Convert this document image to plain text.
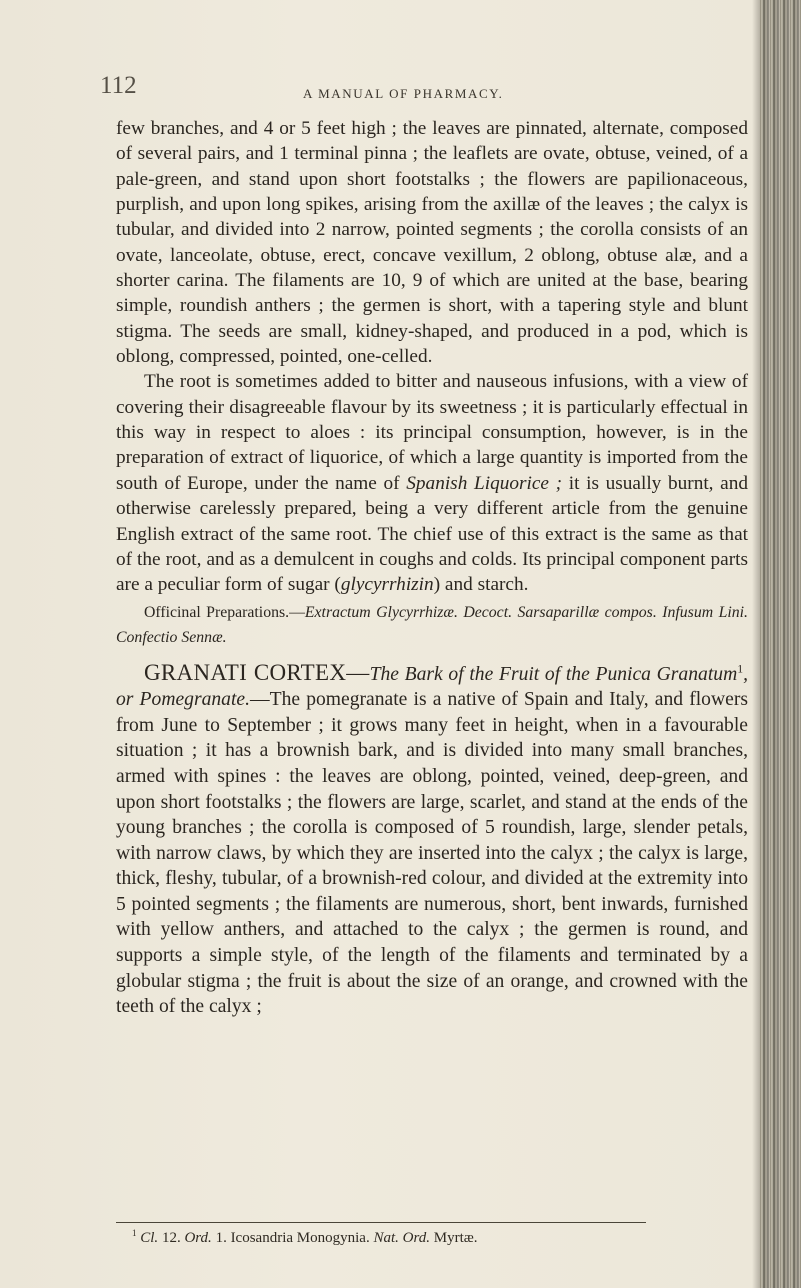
112	A MANUAL OF PHARMACY.

few branches, and 4 or 5 feet high ; the leaves are pinnated, alternate, composed of several pairs, and 1 terminal pinna ; the leaflets are ovate, obtuse, veined, of a pale-green, and stand upon short footstalks ; the flowers are papilionaceous, purplish, and upon long spikes, arising from the axillæ of the leaves ; the calyx is tubular, and divided into 2 narrow, pointed segments ; the corolla consists of an ovate, lanceolate, obtuse, erect, concave vexillum, 2 oblong, obtuse alæ, and a shorter carina. The filaments are 10, 9 of which are united at the base, bearing simple, roundish anthers ; the germen is short, with a tapering style and blunt stigma. The seeds are small, kidney-shaped, and produced in a pod, which is oblong, compressed, pointed, one-celled.

The root is sometimes added to bitter and nauseous infusions, with a view of covering their disagreeable flavour by its sweetness ; it is particularly effectual in this way in respect to aloes : its principal consumption, however, is in the preparation of extract of liquorice, of which a large quantity is imported from the south of Europe, under the name of Spanish Liquorice ; it is usually burnt, and otherwise carelessly prepared, being a very different article from the genuine English extract of the same root. The chief use of this extract is the same as that of the root, and as a demulcent in coughs and colds. Its principal component parts are a peculiar form of sugar (glycyrrhizin) and starch.

Officinal Preparations.—Extractum Glycyrrhizæ. Decoct. Sarsaparillæ compos. Infusum Lini. Confectio Sennæ.

GRANATI CORTEX—The Bark of the Fruit of the Punica Granatum$^1$, or Pomegranate.—The pomegranate is a native of Spain and Italy, and flowers from June to September ; it grows many feet in height, when in a favourable situation ; it has a brownish bark, and is divided into many small branches, armed with spines : the leaves are oblong, pointed, veined, deep-green, and upon short footstalks ; the flowers are large, scarlet, and stand at the ends of the young branches ; the corolla is composed of 5 roundish, large, slender petals, with narrow claws, by which they are inserted into the calyx ; the calyx is large, thick, fleshy, tubular, of a brownish-red colour, and divided at the extremity into 5 pointed segments ; the filaments are numerous, short, bent inwards, furnished with yellow anthers, and attached to the calyx ; the germen is round, and supports a simple style, of the length of the filaments and terminated by a globular stigma ; the fruit is about the size of an orange, and crowned with the teeth of the calyx ;

$^1$ Cl. 12. Ord. 1. Icosandria Monogynia. Nat. Ord. Myrtæ.
